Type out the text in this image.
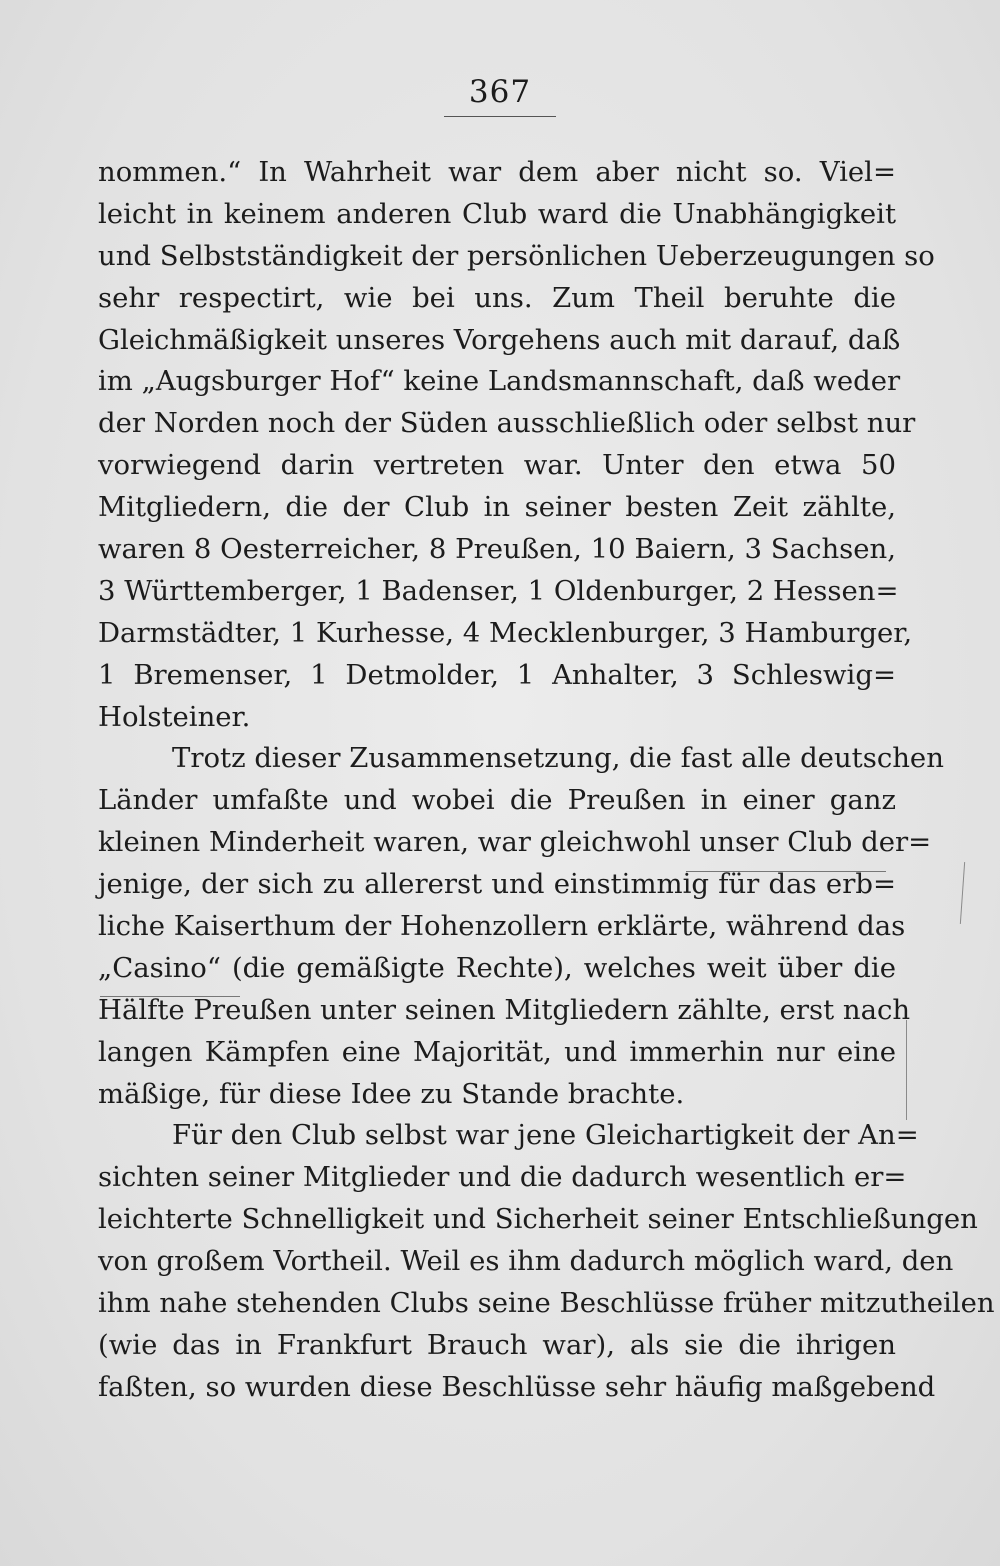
367
nommen.“ In Wahrheit war dem aber nicht so. Viel=
leicht in keinem anderen Club ward die Unabhängigkeit
und Selbstständigkeit der persönlichen Ueberzeugungen so
sehr respectirt, wie bei uns. Zum Theil beruhte die
Gleichmäßigkeit unseres Vorgehens auch mit darauf, daß
im „Augsburger Hof“ keine Landsmannschaft, daß weder
der Norden noch der Süden ausschließlich oder selbst nur
vorwiegend darin vertreten war. Unter den etwa 50
Mitgliedern, die der Club in seiner besten Zeit zählte,
waren 8 Oesterreicher, 8 Preußen, 10 Baiern, 3 Sachsen,
3 Württemberger, 1 Badenser, 1 Oldenburger, 2 Hessen=
Darmstädter, 1 Kurhesse, 4 Mecklenburger, 3 Hamburger,
1 Bremenser, 1 Detmolder, 1 Anhalter, 3 Schleswig=
Holsteiner.
Trotz dieser Zusammensetzung, die fast alle deutschen
Länder umfaßte und wobei die Preußen in einer ganz
kleinen Minderheit waren, war gleichwohl unser Club der=
jenige, der sich zu allererst und einstimmig für das erb=
liche Kaiserthum der Hohenzollern erklärte, während das
„Casino“ (die gemäßigte Rechte), welches weit über die
Hälfte Preußen unter seinen Mitgliedern zählte, erst nach
langen Kämpfen eine Majorität, und immerhin nur eine
mäßige, für diese Idee zu Stande brachte.
Für den Club selbst war jene Gleichartigkeit der An=
sichten seiner Mitglieder und die dadurch wesentlich er=
leichterte Schnelligkeit und Sicherheit seiner Entschließungen
von großem Vortheil. Weil es ihm dadurch möglich ward, den
ihm nahe stehenden Clubs seine Beschlüsse früher mitzutheilen
(wie das in Frankfurt Brauch war), als sie die ihrigen
faßten, so wurden diese Beschlüsse sehr häufig maßgebend
